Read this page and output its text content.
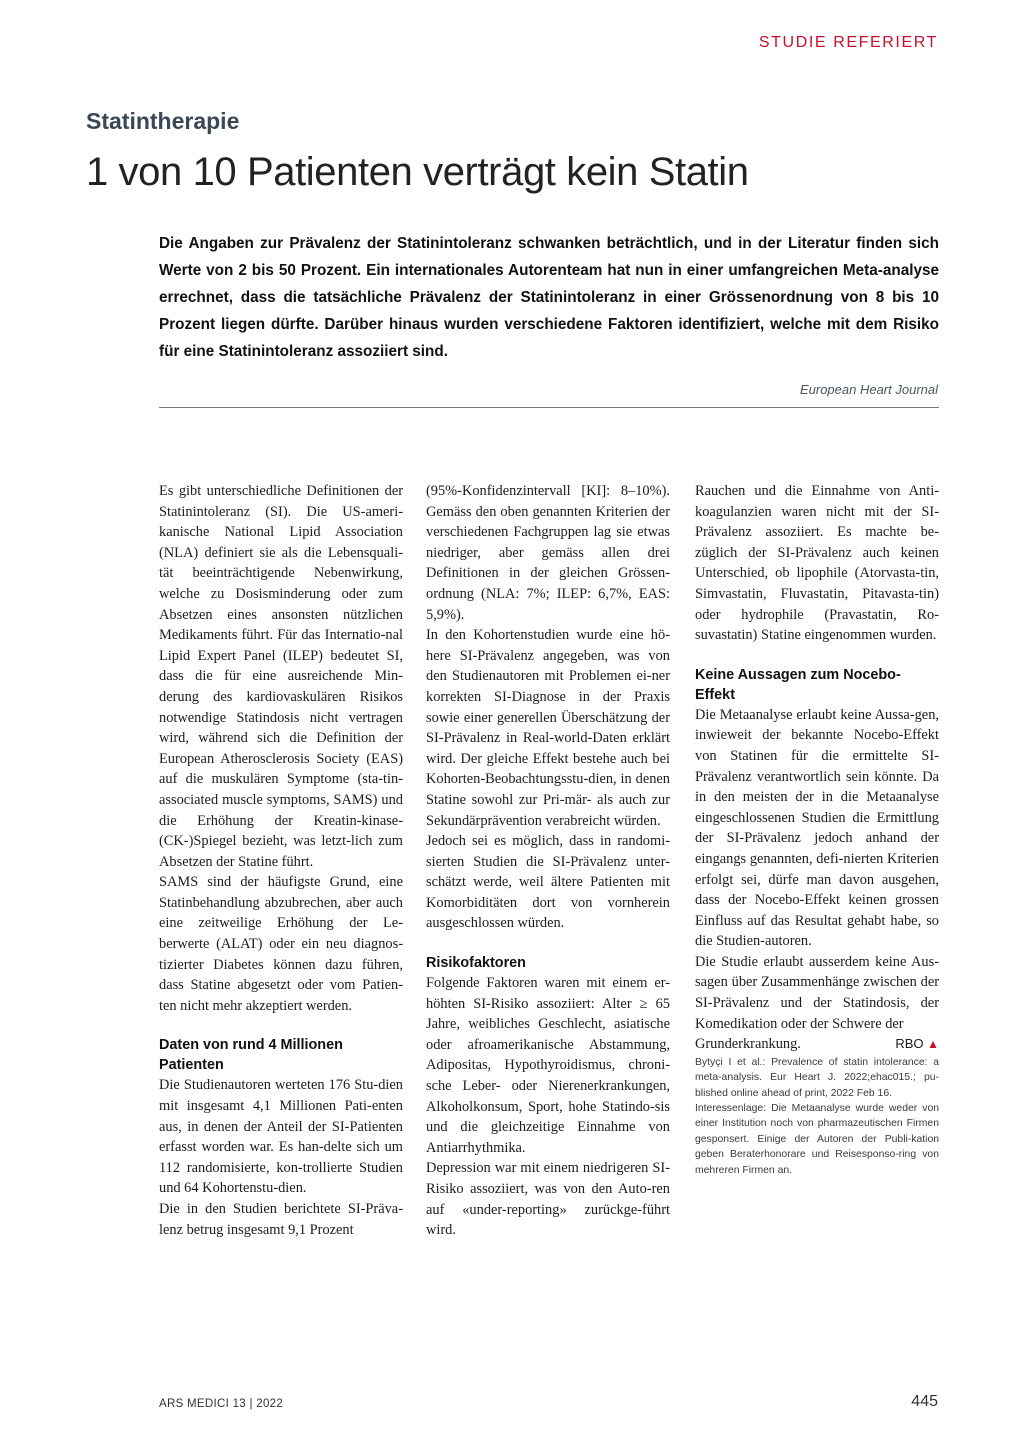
STUDIE REFERIERT
Statintherapie
1 von 10 Patienten verträgt kein Statin

Die Angaben zur Prävalenz der Statinintoleranz schwanken beträchtlich, und in der Literatur finden sich Werte von 2 bis 50 Prozent. Ein internationales Autorenteam hat nun in einer umfangreichen Meta-analyse errechnet, dass die tatsächliche Prävalenz der Statinintoleranz in einer Grössenordnung von 8 bis 10 Prozent liegen dürfte. Darüber hinaus wurden verschiedene Faktoren identifiziert, welche mit dem Risiko für eine Statinintoleranz assoziiert sind.

European Heart Journal

Es gibt unterschiedliche Definitionen der Statinintoleranz (SI). Die US-ameri-kanische National Lipid Association (NLA) definiert sie als die Lebensquali-tät beeinträchtigende Nebenwirkung, welche zu Dosisminderung oder zum Absetzen eines ansonsten nützlichen Medikaments führt. Für das Internatio-nal Lipid Expert Panel (ILEP) bedeutet SI, dass die für eine ausreichende Min-derung des kardiovaskulären Risikos notwendige Statindosis nicht vertragen wird, während sich die Definition der European Atherosclerosis Society (EAS) auf die muskulären Symptome (sta-tin-associated muscle symptoms, SAMS) und die Erhöhung der Kreatin-kinase-(CK-)Spiegel bezieht, was letzt-lich zum Absetzen der Statine führt.

SAMS sind der häufigste Grund, eine Statinbehandlung abzubrechen, aber auch eine zeitweilige Erhöhung der Le-berwerte (ALAT) oder ein neu diagnos-tizierter Diabetes können dazu führen, dass Statine abgesetzt oder vom Patien-ten nicht mehr akzeptiert werden.

Daten von rund 4 Millionen Patienten

Die Studienautoren werteten 176 Stu-dien mit insgesamt 4,1 Millionen Pati-enten aus, in denen der Anteil der SI-Patienten erfasst worden war. Es han-delte sich um 112 randomisierte, kon-trollierte Studien und 64 Kohortenstu-dien.

Die in den Studien berichtete SI-Präva-lenz betrug insgesamt 9,1 Prozent

(95%-Konfidenzintervall [KI]: 8–10%). Gemäss den oben genannten Kriterien der verschiedenen Fachgruppen lag sie etwas niedriger, aber gemäss allen drei Definitionen in der gleichen Grössen-ordnung (NLA: 7%; ILEP: 6,7%, EAS: 5,9%).

In den Kohortenstudien wurde eine hö-here SI-Prävalenz angegeben, was von den Studienautoren mit Problemen ei-ner korrekten SI-Diagnose in der Praxis sowie einer generellen Überschätzung der SI-Prävalenz in Real-world-Daten erklärt wird. Der gleiche Effekt bestehe auch bei Kohorten-Beobachtungsstu-dien, in denen Statine sowohl zur Pri-mär- als auch zur Sekundärprävention verabreicht würden.

Jedoch sei es möglich, dass in randomi-sierten Studien die SI-Prävalenz unter-schätzt werde, weil ältere Patienten mit Komorbiditäten dort von vornherein ausgeschlossen würden.

Risikofaktoren

Folgende Faktoren waren mit einem er-höhten SI-Risiko assoziiert: Alter ≥ 65 Jahre, weibliches Geschlecht, asiatische oder afroamerikanische Abstammung, Adipositas, Hypothyroidismus, chroni-sche Leber- oder Nierenerkrankungen, Alkoholkonsum, Sport, hohe Statindo-sis und die gleichzeitige Einnahme von Antiarrhythmika.

Depression war mit einem niedrigeren SI-Risiko assoziiert, was von den Auto-ren auf «under-reporting» zurückge-führt wird.

Rauchen und die Einnahme von Anti-koagulanzien waren nicht mit der SI-Prävalenz assoziiert. Es machte be-züglich der SI-Prävalenz auch keinen Unterschied, ob lipophile (Atorvasta-tin, Simvastatin, Fluvastatin, Pitavasta-tin) oder hydrophile (Pravastatin, Ro-suvastatin) Statine eingenommen wurden.

Keine Aussagen zum Nocebo-Effekt

Die Metaanalyse erlaubt keine Aussa-gen, inwieweit der bekannte Nocebo-Effekt von Statinen für die ermittelte SI-Prävalenz verantwortlich sein könnte. Da in den meisten der in die Metaanalyse eingeschlossenen Studien die Ermittlung der SI-Prävalenz jedoch anhand der eingangs genannten, defi-nierten Kriterien erfolgt sei, dürfe man davon ausgehen, dass der Nocebo-Effekt keinen grossen Einfluss auf das Resultat gehabt habe, so die Studien-autoren.

Die Studie erlaubt ausserdem keine Aus-sagen über Zusammenhänge zwischen der SI-Prävalenz und der Statindosis, der Komedikation oder der Schwere der

Grunderkrankung.	RBO ▲

Bytyçi I et al.: Prevalence of statin intolerance: a meta-analysis. Eur Heart J. 2022;ehac015.; pu-blished online ahead of print, 2022 Feb 16.

Interessenlage: Die Metaanalyse wurde weder von einer Institution noch von pharmazeutischen Firmen gesponsert. Einige der Autoren der Publi-kation geben Beraterhonorare und Reisesponso-ring von mehreren Firmen an.

ARS MEDICI 13 | 2022	445
